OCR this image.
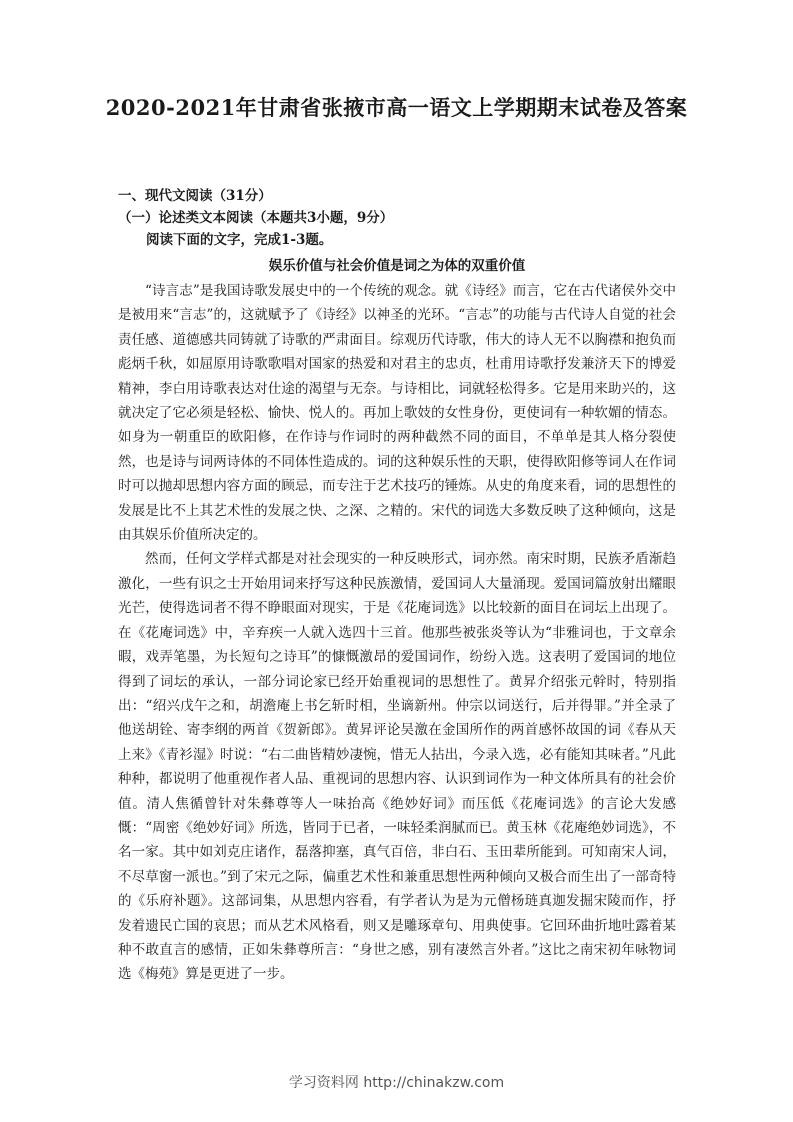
2020-2021年甘肃省张掖市高一语文上学期期末试卷及答案

一、现代文阅读（31分）

（一）论述类文本阅读（本题共3小题，9分）

阅读下面的文字，完成1-3题。

娱乐价值与社会价值是词之为体的双重价值

“诗言志”是我国诗歌发展史中的一个传统的观念。就《诗经》而言，它在古代诸侯外交中是被用来“言志”的，这就赋予了《诗经》以神圣的光环。“言志”的功能与古代诗人自觉的社会责任感、道德感共同铸就了诗歌的严肃面目。综观历代诗歌，伟大的诗人无不以胸襟和抱负而彪炳千秋，如屈原用诗歌歌唱对国家的热爱和对君主的忠贞，杜甫用诗歌抒发兼济天下的博爱精神，李白用诗歌表达对仕途的渴望与无奈。与诗相比，词就轻松得多。它是用来助兴的，这就决定了它必须是轻松、愉快、悦人的。再加上歌妓的女性身份，更使词有一种软媚的情态。如身为一朝重臣的欧阳修，在作诗与作词时的两种截然不同的面目，不单单是其人格分裂使然，也是诗与词两诗体的不同体性造成的。词的这种娱乐性的天职，使得欧阳修等词人在作词时可以抛却思想内容方面的顾忌，而专注于艺术技巧的锤炼。从史的角度来看，词的思想性的发展是比不上其艺术性的发展之快、之深、之精的。宋代的词选大多数反映了这种倾向，这是由其娱乐价值所决定的。

然而，任何文学样式都是对社会现实的一种反映形式，词亦然。南宋时期，民族矛盾渐趋激化，一些有识之士开始用词来抒写这种民族激情，爱国词人大量涌现。爱国词篇放射出耀眼光芒，使得选词者不得不睁眼面对现实，于是《花庵词选》以比较新的面目在词坛上出现了。在《花庵词选》中，辛弃疾一人就入选四十三首。他那些被张炎等认为“非雅词也，于文章余暇，戏弄笔墨，为长短句之诗耳”的慷慨激昂的爱国词作，纷纷入选。这表明了爱国词的地位得到了词坛的承认，一部分词论家已经开始重视词的思想性了。黄昇介绍张元幹时，特别指出：“绍兴戊午之和，胡澹庵上书乞斩时相，坐谪新州。仲宗以词送行，后并得罪。”并全录了他送胡铨、寄李纲的两首《贺新郎》。黄昇评论吴激在金国所作的两首感怀故国的词《春从天上来》《青衫湿》时说：“右二曲皆精妙凄惋，惜无人拈出，今录入选，必有能知其味者。”凡此种种，都说明了他重视作者人品、重视词的思想内容、认识到词作为一种文体所具有的社会价值。清人焦循曾针对朱彝尊等人一味抬高《绝妙好词》而压低《花庵词选》的言论大发感慨：“周密《绝妙好词》所选，皆同于已者，一味轻柔润腻而已。黄玉林《花庵绝妙词选》，不名一家。其中如刘克庄诸作，磊落抑塞，真气百倍，非白石、玉田辈所能到。可知南宋人词，不尽草窗一派也。”到了宋元之际，偏重艺术性和兼重思想性两种倾向又极合而生出了一部奇特的《乐府补题》。这部词集，从思想内容看，有学者认为是为元僧杨琏真迦发掘宋陵而作，抒发着遗民亡国的哀思；而从艺术风格看，则又是雕琢章句、用典使事。它回环曲折地吐露着某种不敢直言的感情，正如朱彝尊所言：“身世之感，别有凄然言外者。”这比之南宋初年咏物词选《梅苑》算是更进了一步。

学习资料网 http://chinakzw.com
